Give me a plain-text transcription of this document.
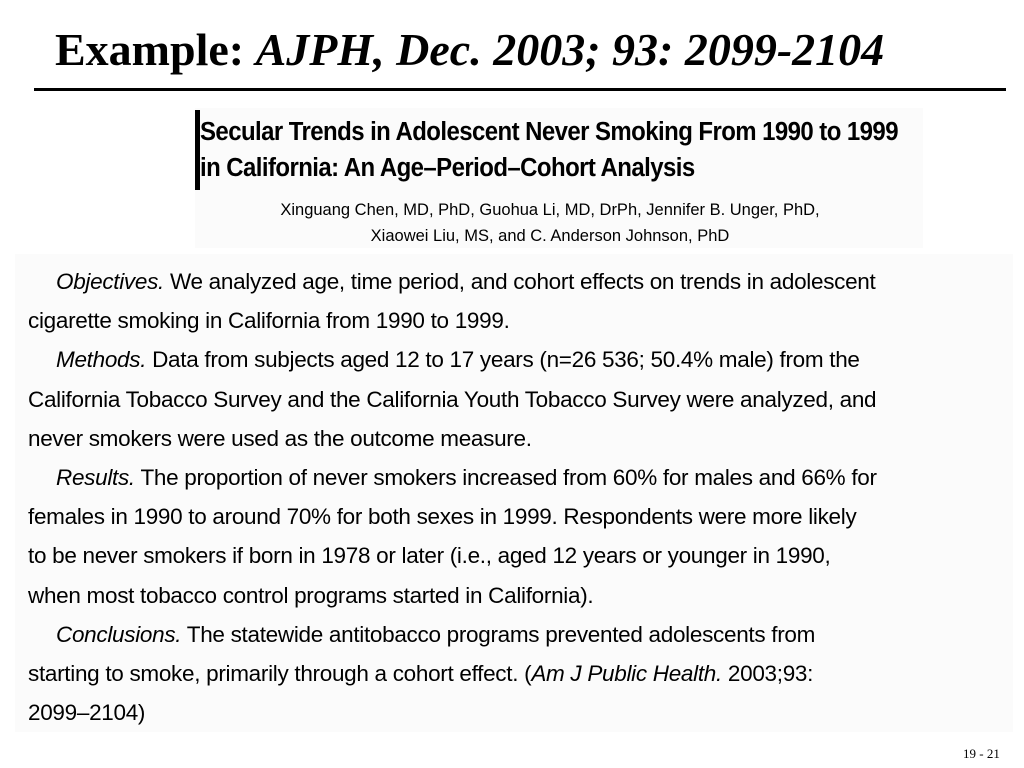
Example: AJPH, Dec. 2003; 93: 2099-2104
Secular Trends in Adolescent Never Smoking From 1990 to 1999
in California: An Age–Period–Cohort Analysis
Xinguang Chen, MD, PhD, Guohua Li, MD, DrPh, Jennifer B. Unger, PhD,
Xiaowei Liu, MS, and C. Anderson Johnson, PhD
Objectives. We analyzed age, time period, and cohort effects on trends in adolescent
cigarette smoking in California from 1990 to 1999.
Methods. Data from subjects aged 12 to 17 years (n=26 536; 50.4% male) from the
California Tobacco Survey and the California Youth Tobacco Survey were analyzed, and
never smokers were used as the outcome measure.
Results. The proportion of never smokers increased from 60% for males and 66% for
females in 1990 to around 70% for both sexes in 1999. Respondents were more likely
to be never smokers if born in 1978 or later (i.e., aged 12 years or younger in 1990,
when most tobacco control programs started in California).
Conclusions. The statewide antitobacco programs prevented adolescents from
starting to smoke, primarily through a cohort effect. (Am J Public Health. 2003;93:
2099–2104)
19 - 21
